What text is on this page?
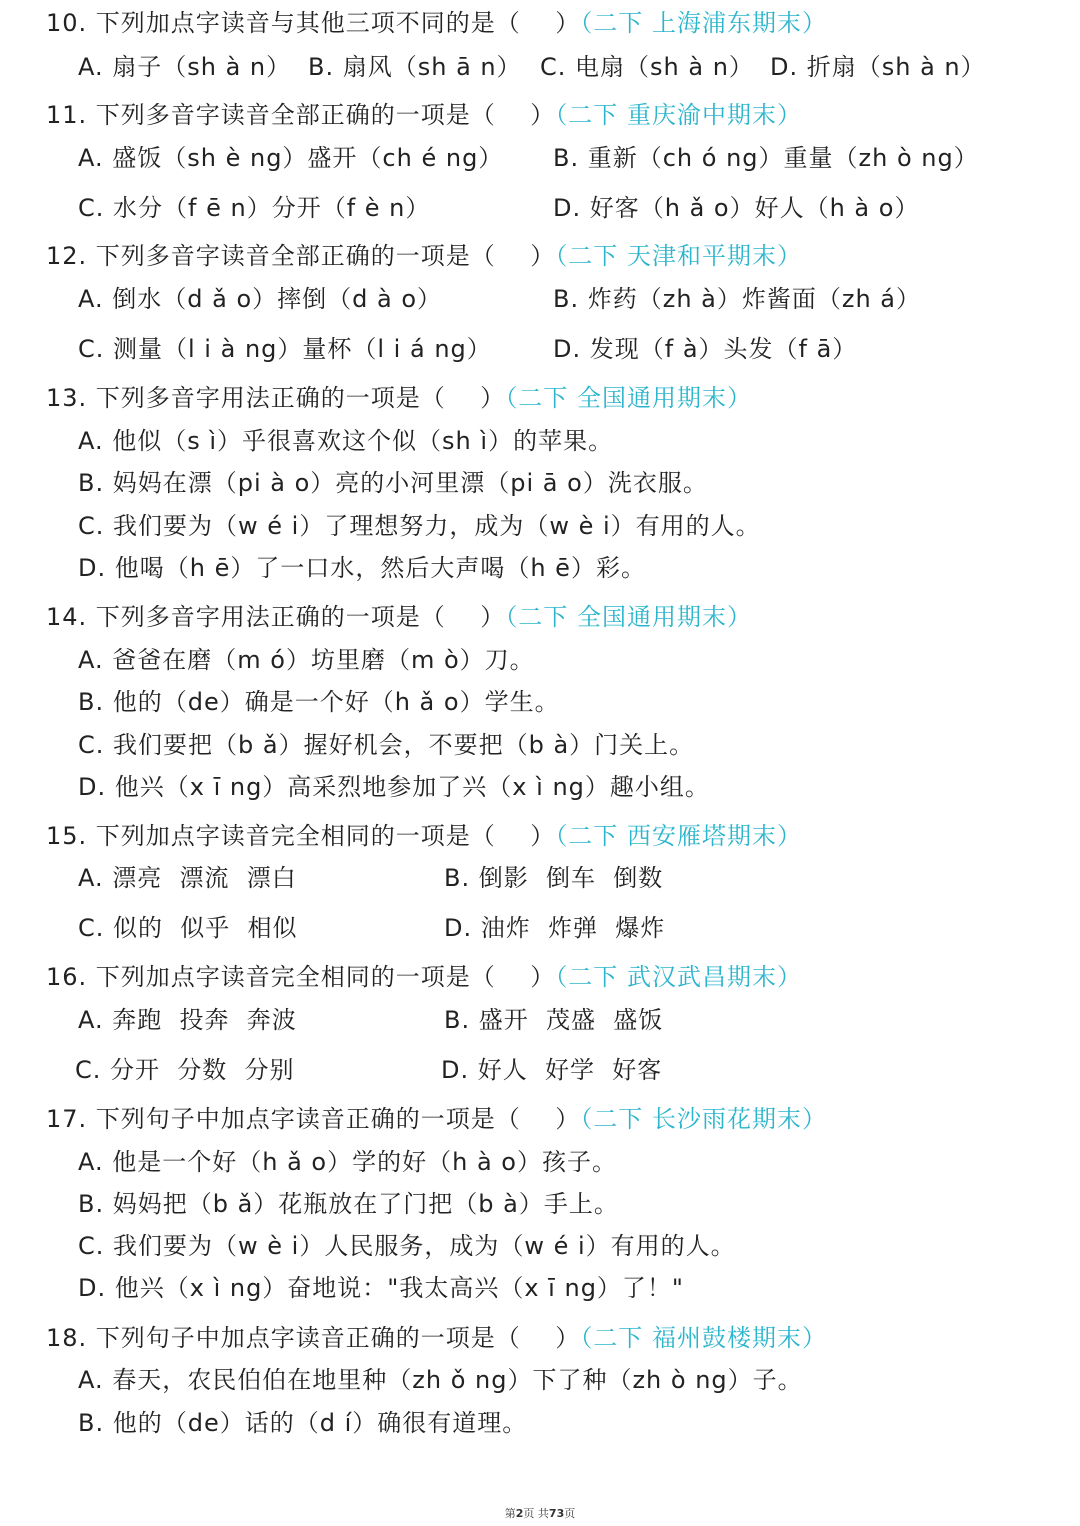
10. 下列加点字读音与其他三项不同的是（    ）（二下 上海浦东期末）
A. 扇子（sh à n） B. 扇风（sh ā n） C. 电扇（sh à n） D. 折扇（sh à n）
11. 下列多音字读音全部正确的一项是（    ）（二下 重庆渝中期末）
A. 盛饭（sh è ng）盛开（ch é ng） B. 重新（ch ó ng）重量（zh ò ng）
C. 水分（f ē n）分开（f è n）	D. 好客（h ǎ o）好人（h à o）
12. 下列多音字读音全部正确的一项是（    ）（二下 天津和平期末）
A. 倒水（d ǎ o）摔倒（d à o）	B. 炸药（zh à）炸酱面（zh á）
C. 测量（l i à ng）量杯（l i á ng）	D. 发现（f à）头发（f ā）
13. 下列多音字用法正确的一项是（    ）（二下 全国通用期末）
A. 他似（s ì）乎很喜欢这个似（sh ì）的苹果。
B. 妈妈在漂（pi à o）亮的小河里漂（pi ā o）洗衣服。
C. 我们要为（w é i）了理想努力，成为（w è i）有用的人。
D. 他喝（h ē）了一口水，然后大声喝（h ē）彩。
14. 下列多音字用法正确的一项是（    ）（二下 全国通用期末）
A. 爸爸在磨（m ó）坊里磨（m ò）刀。
B. 他的（de）确是一个好（h ǎ o）学生。
C. 我们要把（b ǎ）握好机会，不要把（b à）门关上。
D. 他兴（x ī ng）高采烈地参加了兴（x ì ng）趣小组。
15. 下列加点字读音完全相同的一项是（    ）（二下 西安雁塔期末）
A. 漂亮  漂流  漂白	B. 倒影  倒车  倒数
C. 似的  似乎  相似	D. 油炸  炸弹  爆炸
16. 下列加点字读音完全相同的一项是（    ）（二下 武汉武昌期末）
A. 奔跑  投奔  奔波	B. 盛开  茂盛  盛饭
C. 分开  分数  分别	D. 好人  好学  好客
17. 下列句子中加点字读音正确的一项是（    ）（二下 长沙雨花期末）
A. 他是一个好（h ǎ o）学的好（h à o）孩子。
B. 妈妈把（b ǎ）花瓶放在了门把（b à）手上。
C. 我们要为（w è i）人民服务，成为（w é i）有用的人。
D. 他兴（x ì ng）奋地说："我太高兴（x ī ng）了！"
18. 下列句子中加点字读音正确的一项是（    ）（二下 福州鼓楼期末）
A. 春天，农民伯伯在地里种（zh ǒ ng）下了种（zh ò ng）子。
B. 他的（de）话的（d í）确很有道理。
第2页 共73页
